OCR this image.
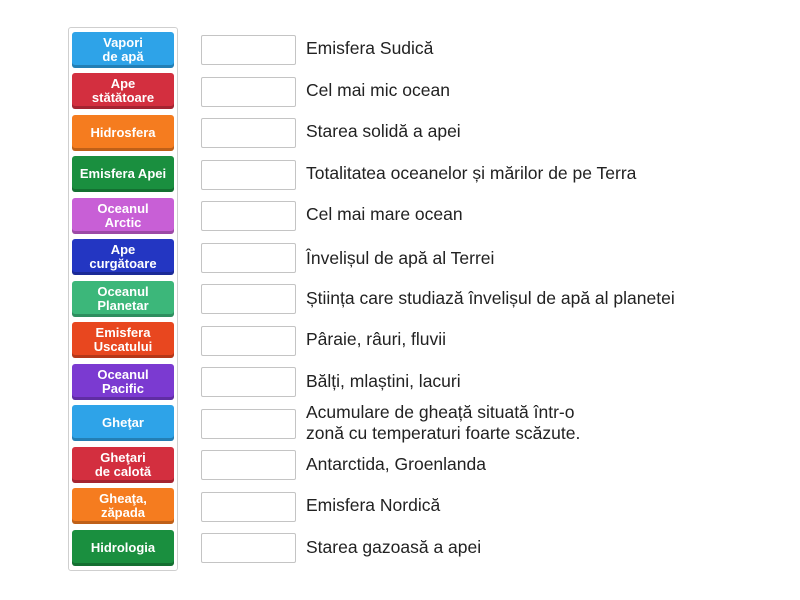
Vapori
de apă
Ape
stătătoare
Hidrosfera
Emisfera Apei
Oceanul
Arctic
Ape
curgătoare
Oceanul
Planetar
Emisfera
Uscatului
Oceanul
Pacific
Gheţar
Gheţari
de calotă
Gheaţa,
zăpada
Hidrologia
Emisfera Sudică
Cel mai mic ocean
Starea solidă a apei
Totalitatea oceanelor și mărilor de pe Terra
Cel mai mare ocean
Învelișul de apă al Terrei
Știința care studiază învelișul de apă al planetei
Pâraie, râuri, fluvii
Bălți, mlaștini, lacuri
Acumulare de gheață situată într-o
zonă cu temperaturi foarte scăzute.
Antarctida, Groenlanda
Emisfera Nordică
Starea gazoasă a apei
